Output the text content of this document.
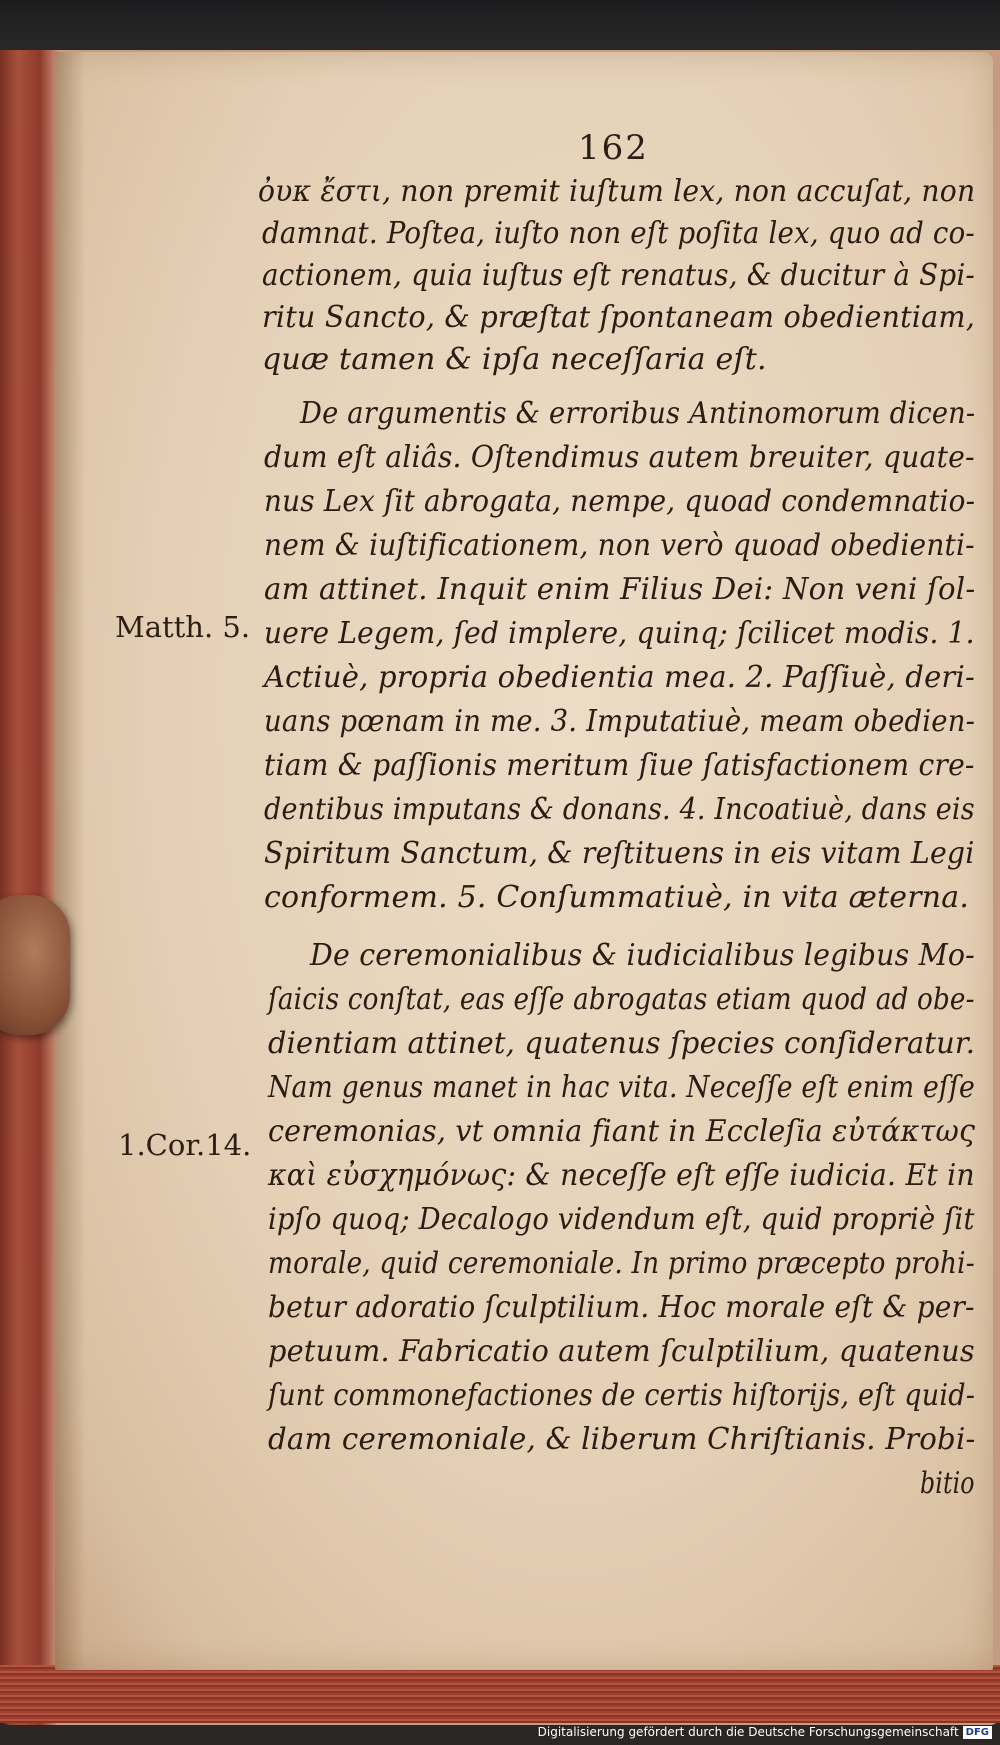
162
Matth. 5.
1.Cor.14.
ὀυκ ἔστι, non premit iuſtum lex, non accuſat, non
damnat. Poſtea, iuſto non eſt poſita lex, quo ad co-
actionem, quia iuſtus eſt renatus, & ducitur à Spi-
ritu Sancto, & præſtat ſpontaneam obedientiam,
quæ tamen & ipſa neceſſaria eſt.
De argumentis & erroribus Antinomorum dicen-
dum eſt aliâs. Oſtendimus autem breuiter, quate-
nus Lex ſit abrogata, nempe, quoad condemnatio-
nem & iuſtificationem, non verò quoad obedienti-
am attinet. Inquit enim Filius Dei: Non veni ſol-
uere Legem, ſed implere, quinq; ſcilicet modis. 1.
Actiuè, propria obedientia mea. 2. Paſſiuè, deri-
uans pœnam in me. 3. Imputatiuè, meam obedien-
tiam & paſſionis meritum ſiue ſatisfactionem cre-
dentibus imputans & donans. 4. Incoatiuè, dans eis
Spiritum Sanctum, & reſtituens in eis vitam Legi
conformem. 5. Conſummatiuè, in vita æterna.
De ceremonialibus & iudicialibus legibus Mo-
ſaicis conſtat, eas eſſe abrogatas etiam quod ad obe-
dientiam attinet, quatenus ſpecies conſideratur.
Nam genus manet in hac vita. Neceſſe eſt enim eſſe
ceremonias, vt omnia fiant in Eccleſia εὐτάκτως
καὶ εὐσχημόνως: & neceſſe eſt eſſe iudicia. Et in
ipſo quoq; Decalogo videndum eſt, quid propriè ſit
morale, quid ceremoniale. In primo præcepto prohi-
betur adoratio ſculptilium. Hoc morale eſt & per-
petuum. Fabricatio autem ſculptilium, quatenus
ſunt commonefactiones de certis hiſtorijs, eſt quid-
dam ceremoniale, & liberum Chriſtianis. Probi-
bitio
Digitalisierung gefördert durch die Deutsche Forschungsgemeinschaft DFG
